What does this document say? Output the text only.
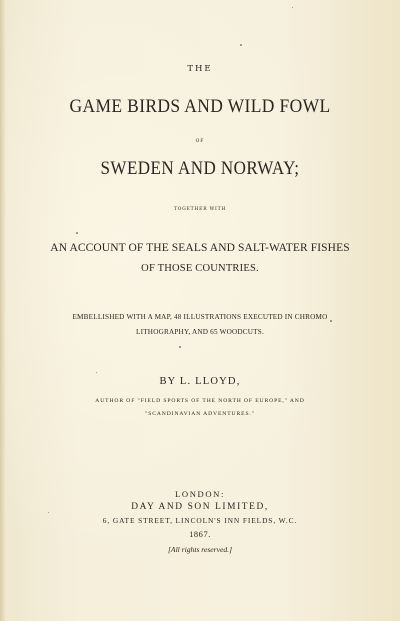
THE
GAME BIRDS AND WILD FOWL
OF
SWEDEN AND NORWAY;
TOGETHER WITH
AN ACCOUNT OF THE SEALS AND SALT-WATER FISHES
OF THOSE COUNTRIES.
EMBELLISHED WITH A MAP, 48 ILLUSTRATIONS EXECUTED IN CHROMO
LITHOGRAPHY, AND 65 WOODCUTS.
BY L. LLOYD,
AUTHOR OF "FIELD SPORTS OF THE NORTH OF EUROPE," AND
"SCANDINAVIAN ADVENTURES."
LONDON:
DAY AND SON LIMITED,
6, GATE STREET, LINCOLN'S INN FIELDS, W.C.
1867.
[All rights reserved.]
